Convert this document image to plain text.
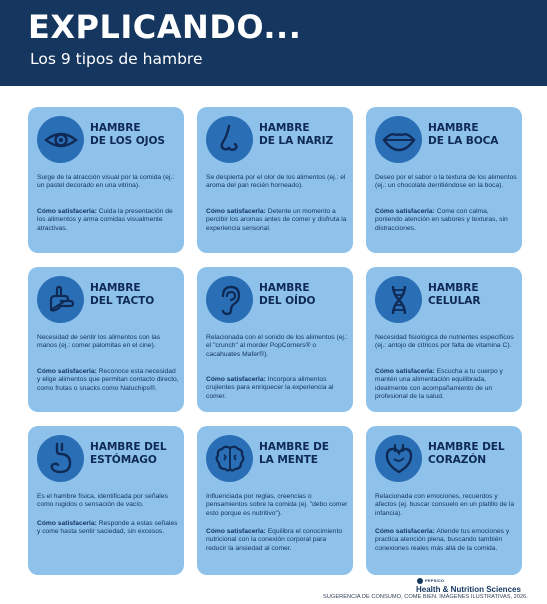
EXPLICANDO...
Los 9 tipos de hambre
HAMBRE
DE LOS OJOS
Surge de la atracción visual por la comida (ej.: un pastel decorado en una vitrina).
Cómo satisfacerla: Cuida la presentación de los alimentos y arma comidas visualmente atractivas.
HAMBRE
DE LA NARIZ
Se despierta por el olor de los alimentos (ej.: el aroma del pan recién horneado).
Cómo satisfacerla: Detente un momento a percibir los aromas antes de comer y disfruta la experiencia sensorial.
HAMBRE
DE LA BOCA
Deseo por el sabor o la textura de los alimentos (ej.: un chocolate derritiéndose en la boca).
Cómo satisfacerla: Come con calma, poniendo atención en sabores y texturas, sin distracciones.
HAMBRE
DEL TACTO
Necesidad de sentir los alimentos con las manos (ej.: comer palomitas en el cine).
Cómo satisfacerla: Reconoce esta necesidad y elige alimentos que permitan contacto directo, como frutas o snacks como Natuchips®.
HAMBRE
DEL OÍDO
Relacionada con el sonido de los alimentos (ej.: el "crunch" al morder PopCorners® o cacahuates Mafer®).
Cómo satisfacerla: Incorpora alimentos crujientes para enriquecer la experiencia al comer.
HAMBRE
CELULAR
Necesidad fisiológica de nutrientes específicos (ej.: antojo de cítricos por falta de vitamina C).
Cómo satisfacerla: Escucha a tu cuerpo y mantén una alimentación equilibrada, idealmente con acompañamiento de un profesional de la salud.
HAMBRE DEL
ESTÓMAGO
Es el hambre física, identificada por señales como rugidos o sensación de vacío.
Cómo satisfacerla: Responde a estas señales y come hasta sentir saciedad, sin excesos.
HAMBRE DE
LA MENTE
Influenciada por reglas, creencias o pensamientos sobre la comida (ej. "debo comer esto porque es nutritivo").
Cómo satisfacerla: Equilibra el conocimiento nutricional con la conexión corporal para reducir la ansiedad al comer.
HAMBRE DEL
CORAZÓN
Relacionada con emociones, recuerdos y afectos (ej. buscar consuelo en un platillo de la infancia).
Cómo satisfacerla: Atiende tus emociones y practica atención plena, buscando también conexiones reales más allá de la comida.
PEPSICO
Health & Nutrition Sciences
SUGERENCIA DE CONSUMO, COME BIEN. IMÁGENES ILUSTRATIVAS, 2026.
